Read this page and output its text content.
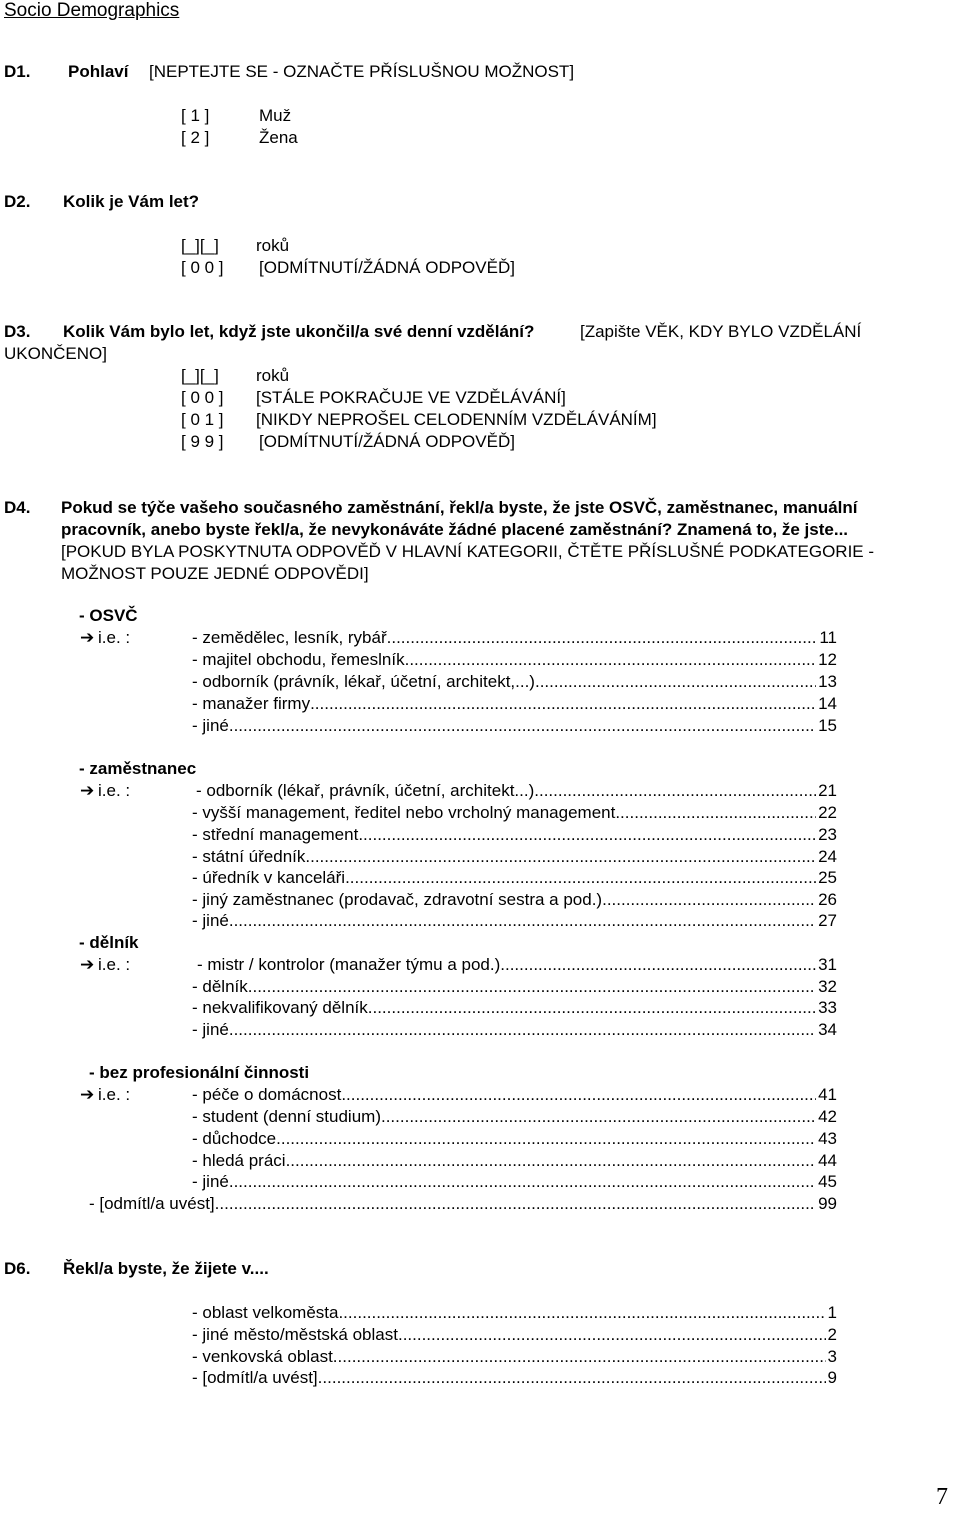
Socio Demographics
D1. Pohlaví [NEPTEJTE SE - OZNAČTE PŘÍSLUŠNOU MOŽNOST]
[ 1 ]	Muž
[ 2 ]	Žena
D2. Kolik je Vám let?
[_][_] roků
[ 0 0 ] [ODMÍTNUTÍ/ŽÁDNÁ ODPOVĚĎ]
D3. Kolik Vám bylo let, když jste ukončil/a své denní vzdělání?	[Zapište VĚK, KDY BYLO VZDĚLÁNÍ
UKONČENO]
[_][_] roků
[ 0 0 ] [STÁLE POKRAČUJE VE VZDĚLÁVÁNÍ]
[ 0 1 ] [NIKDY NEPROŠEL CELODENNÍM VZDĚLÁVÁNÍM]
[ 9 9 ] [ODMÍTNUTÍ/ŽÁDNÁ ODPOVĚĎ]
D4. Pokud se týče vašeho současného zaměstnání, řekl/a byste, že jste OSVČ, zaměstnanec, manuální
pracovník, anebo byste řekl/a, že nevykonáváte žádné placené zaměstnání? Znamená to, že jste...
[POKUD BYLA POSKYTNUTA ODPOVĚĎ V HLAVNÍ KATEGORII, ČTĚTE PŘÍSLUŠNÉ PODKATEGORIE -
MOŽNOST POUZE JEDNÉ ODPOVĚDI]
- OSVČ
➔ i.e. :	- zemědělec, lesník, rybář .....	11
- majitel obchodu, řemeslník .....	12
- odborník (právník, lékař, účetní, architekt,...) .....	13
- manažer firmy .....	14
- jiné .....	15
- zaměstnanec
➔ i.e. :	- odborník (lékař, právník, účetní, architekt...) .....	21
- vyšší management, ředitel nebo vrcholný management .....	22
- střední management .....	23
- státní úředník .....	24
- úředník v kanceláři .....	25
- jiný zaměstnanec (prodavač, zdravotní sestra a pod.) .....	26
- jiné .....	27
- dělník
➔ i.e. :	- mistr / kontrolor (manažer týmu a pod.) .....	31
- dělník .....	32
- nekvalifikovaný dělník .....	33
- jiné .....	34
- bez profesionální činnosti
➔ i.e. :	- péče o domácnost .....	41
- student (denní studium) .....	42
- důchodce .....	43
- hledá práci .....	44
- jiné .....	45
- [odmítl/a uvést] .....	99
D6. Řekl/a byste, že žijete v....
- oblast velkoměsta .....	1
- jiné město/městská oblast .....	2
- venkovská oblast .....	3
- [odmítl/a uvést] .....	9
7
